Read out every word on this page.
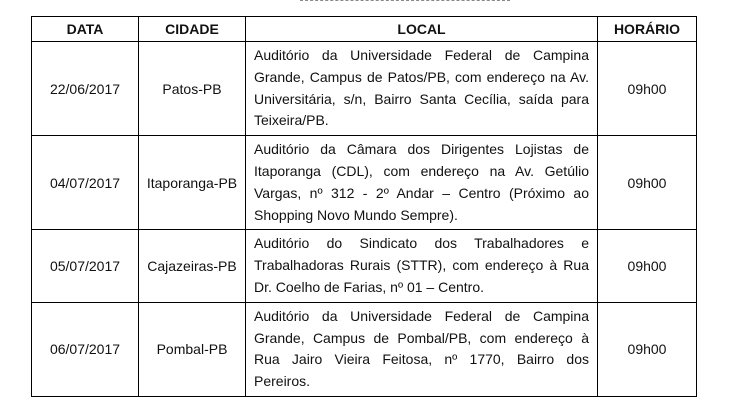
DATA	CIDADE	LOCAL	HORÁRIO
22/06/2017	Patos-PB	Auditório da Universidade Federal de Campina Grande, Campus de Patos/PB, com endereço na Av. Universitária, s/n, Bairro Santa Cecília, saída para Teixeira/PB.	09h00
04/07/2017	Itaporanga-PB	Auditório da Câmara dos Dirigentes Lojistas de Itaporanga (CDL), com endereço na Av. Getúlio Vargas, nº 312 - 2º Andar – Centro (Próximo ao Shopping Novo Mundo Sempre).	09h00
05/07/2017	Cajazeiras-PB	Auditório do Sindicato dos Trabalhadores e Trabalhadoras Rurais (STTR), com endereço à Rua Dr. Coelho de Farias, nº 01 – Centro.	09h00
06/07/2017	Pombal-PB	Auditório da Universidade Federal de Campina Grande, Campus de Pombal/PB, com endereço à Rua Jairo Vieira Feitosa, nº 1770, Bairro dos Pereiros.	09h00
